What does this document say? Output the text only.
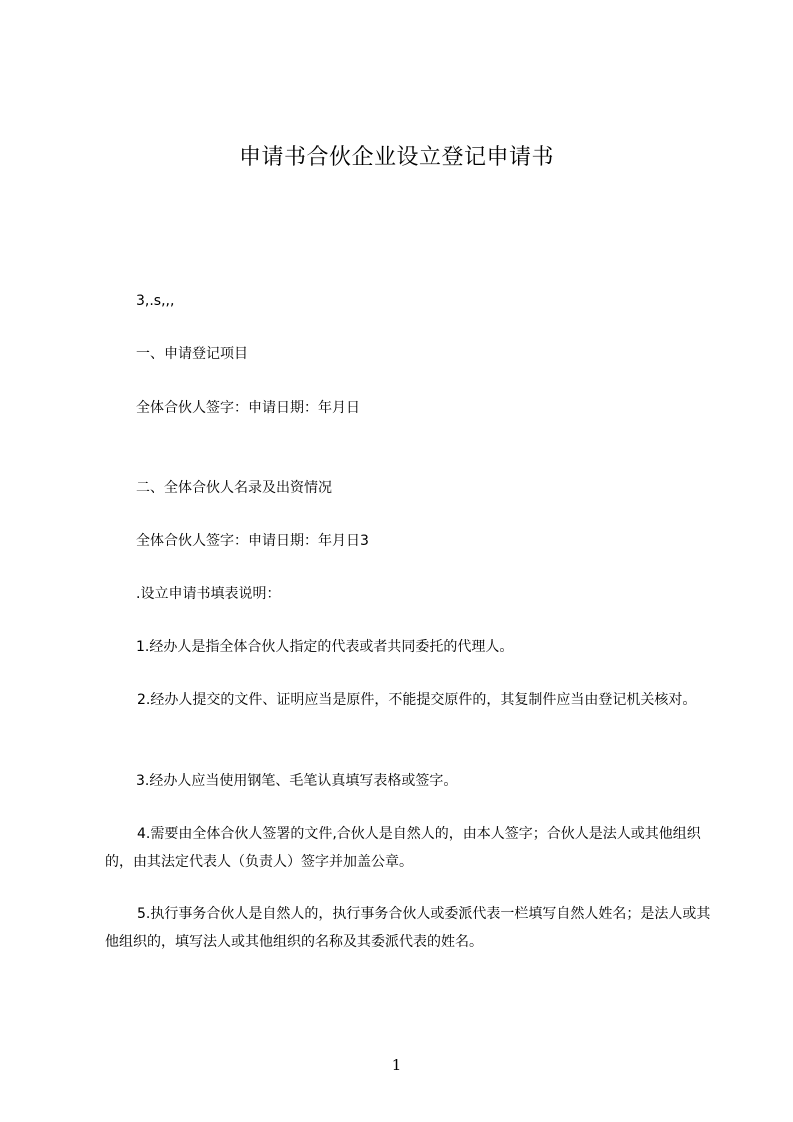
申请书合伙企业设立登记申请书
3,.s,,,
一、申请登记项目
全体合伙人签字：申请日期：年月日
二、全体合伙人名录及出资情况
全体合伙人签字：申请日期：年月日3
.设立申请书填表说明：
1.经办人是指全体合伙人指定的代表或者共同委托的代理人。
2.经办人提交的文件、证明应当是原件，不能提交原件的，其复制件应当由登记机关核对。
3.经办人应当使用钢笔、毛笔认真填写表格或签字。
4.需要由全体合伙人签署的文件,合伙人是自然人的，由本人签字；合伙人是法人或其他组织的，由其法定代表人（负责人）签字并加盖公章。
5.执行事务合伙人是自然人的，执行事务合伙人或委派代表一栏填写自然人姓名；是法人或其他组织的，填写法人或其他组织的名称及其委派代表的姓名。
1
